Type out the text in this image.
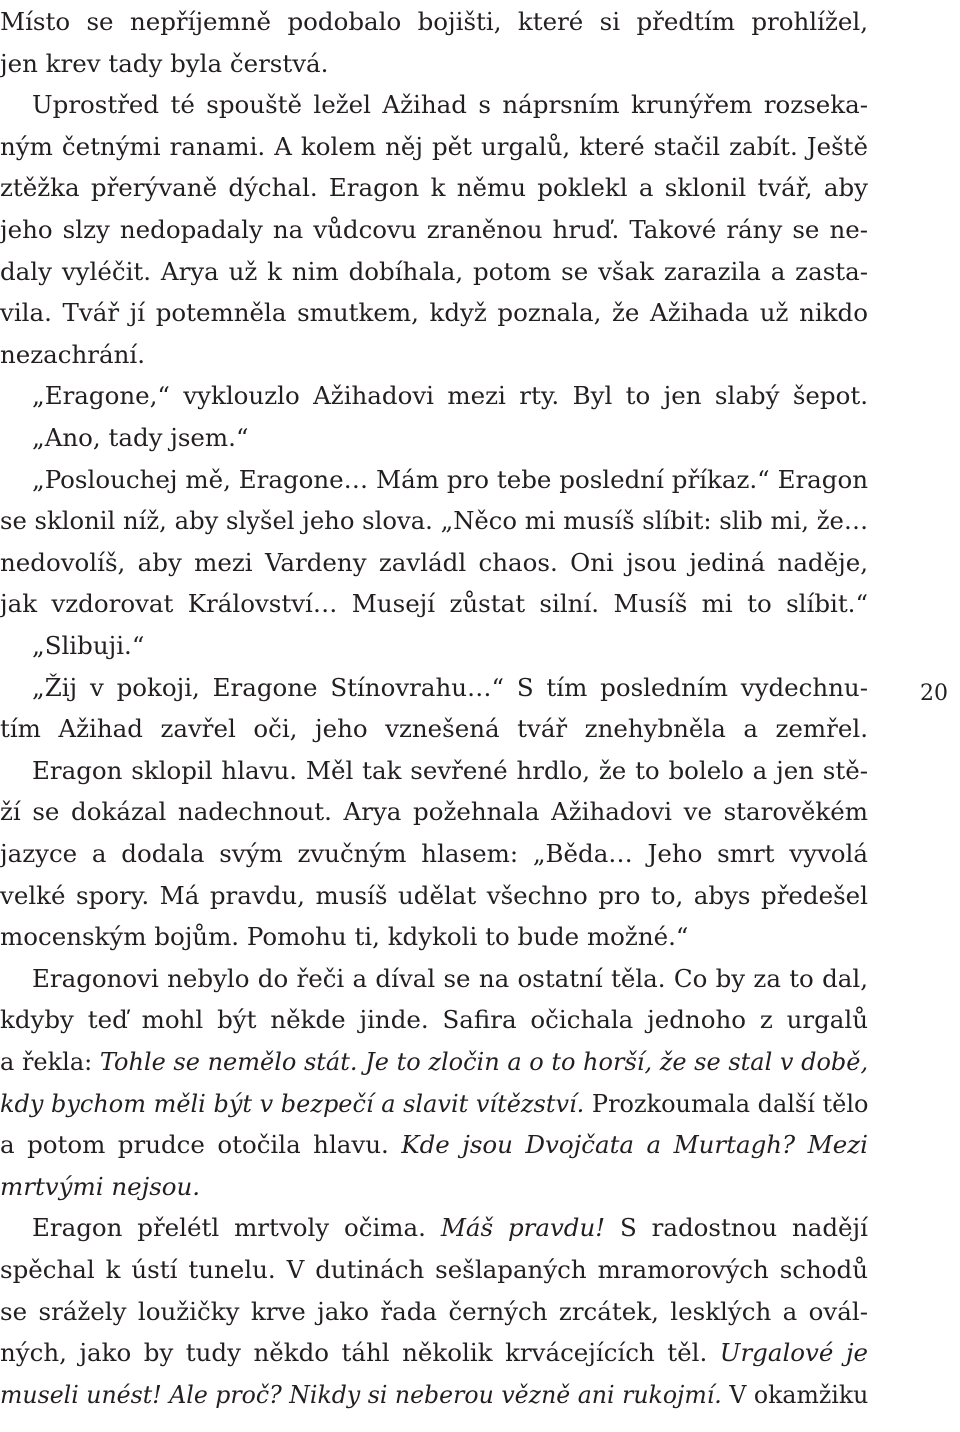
Místo se nepříjemně podobalo bojišti, které si předtím prohlížel,
jen krev tady byla čerstvá.
Uprostřed té spouště ležel Ažihad s náprsním krunýřem rozseka-
ným četnými ranami. A kolem něj pět urgalů, které stačil zabít. Ještě
ztěžka přerývaně dýchal. Eragon k němu poklekl a sklonil tvář, aby
jeho slzy nedopadaly na vůdcovu zraněnou hruď. Takové rány se ne-
daly vyléčit. Arya už k nim dobíhala, potom se však zarazila a zasta-
vila. Tvář jí potemněla smutkem, když poznala, že Ažihada už nikdo
nezachrání.
„Eragone,“ vyklouzlo Ažihadovi mezi rty. Byl to jen slabý šepot.
„Ano, tady jsem.“
„Poslouchej mě, Eragone… Mám pro tebe poslední příkaz.“ Eragon
se sklonil níž, aby slyšel jeho slova. „Něco mi musíš slíbit: slib mi, že…
nedovolíš, aby mezi Vardeny zavládl chaos. Oni jsou jediná naděje,
jak vzdorovat Království… Musejí zůstat silní. Musíš mi to slíbit.“
„Slibuji.“
„Žij v pokoji, Eragone Stínovrahu…“ S tím posledním vydechnu-
tím Ažihad zavřel oči, jeho vznešená tvář znehybněla a zemřel.
Eragon sklopil hlavu. Měl tak sevřené hrdlo, že to bolelo a jen stě-
ží se dokázal nadechnout. Arya požehnala Ažihadovi ve starověkém
jazyce a dodala svým zvučným hlasem: „Běda… Jeho smrt vyvolá
velké spory. Má pravdu, musíš udělat všechno pro to, abys předešel
mocenským bojům. Pomohu ti, kdykoli to bude možné.“
Eragonovi nebylo do řeči a díval se na ostatní těla. Co by za to dal,
kdyby teď mohl být někde jinde. Safira očichala jednoho z urgalů
a řekla: Tohle se nemělo stát. Je to zločin a o to horší, že se stal v době,
kdy bychom měli být v bezpečí a slavit vítězství. Prozkoumala další tělo
a potom prudce otočila hlavu. Kde jsou Dvojčata a Murtagh? Mezi
mrtvými nejsou.
Eragon přelétl mrtvoly očima. Máš pravdu! S radostnou nadějí
spěchal k ústí tunelu. V dutinách sešlapaných mramorových schodů
se srážely loužičky krve jako řada černých zrcátek, lesklých a ovál-
ných, jako by tudy někdo táhl několik krvácejících těl. Urgalové je
museli unést! Ale proč? Nikdy si neberou vězně ani rukojmí. V okamžiku
20
